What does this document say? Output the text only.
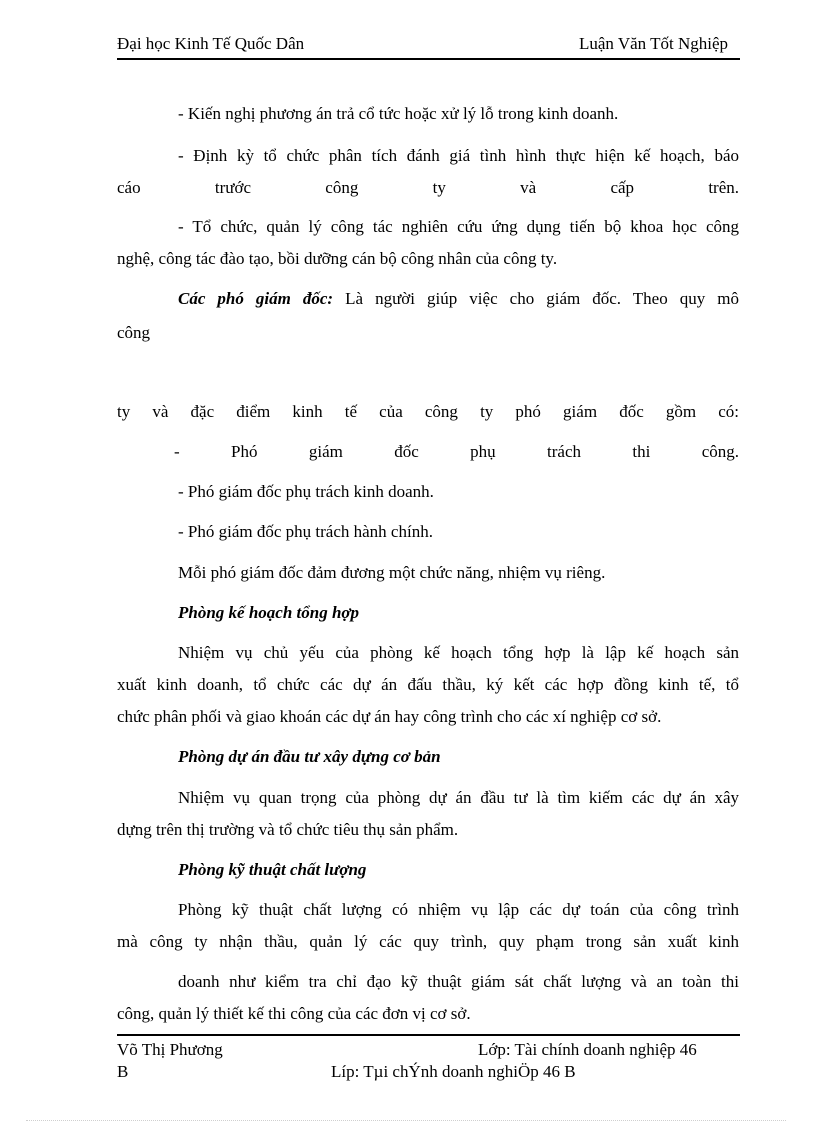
Đại học Kinh Tế Quốc Dân	Luận Văn Tốt Nghiệp
- Kiến nghị phương án trả cổ tức hoặc xử lý lỗ trong kinh doanh.
- Định kỳ tổ chức phân tích đánh giá tình hình thực hiện kế hoạch, báo
cáo trước công ty và cấp trên.
- Tổ chức, quản lý công tác nghiên cứu ứng dụng tiến bộ khoa học công
nghệ, công tác đào tạo, bồi dưỡng cán bộ công nhân của công ty.
Các phó giám đốc: Là người giúp việc cho giám đốc. Theo quy mô
công
ty và đặc điểm kinh tế của công ty phó giám đốc gồm có:
- Phó giám đốc phụ trách thi công.
- Phó giám đốc phụ trách kinh doanh.
- Phó giám đốc phụ trách hành chính.
Mỗi phó giám đốc đảm đương một chức năng, nhiệm vụ riêng.
Phòng kế hoạch tổng hợp
Nhiệm vụ chủ yếu của phòng kế hoạch tổng hợp là lập kế hoạch sản
xuất kinh doanh, tổ chức các dự án đấu thầu, ký kết các hợp đồng kinh tế, tổ
chức phân phối và giao khoán các dự án hay công trình cho các xí nghiệp cơ sở.
Phòng dự án đầu tư xây dựng cơ bản
Nhiệm vụ quan trọng của phòng dự án đầu tư là tìm kiếm các dự án xây
dựng trên thị trường và tổ chức tiêu thụ sản phẩm.
Phòng kỹ thuật chất lượng
Phòng kỹ thuật chất lượng có nhiệm vụ lập các dự toán của công trình
mà công ty nhận thầu, quản lý các quy trình, quy phạm trong sản xuất kinh
doanh như kiểm tra chỉ đạo kỹ thuật giám sát chất lượng và an toàn thi
công, quản lý thiết kế thi công của các đơn vị cơ sở.
Võ Thị Phương	Lớp: Tài chính doanh nghiệp 46
B	Líp: Tµi chÝnh doanh nghiÖp 46 B
